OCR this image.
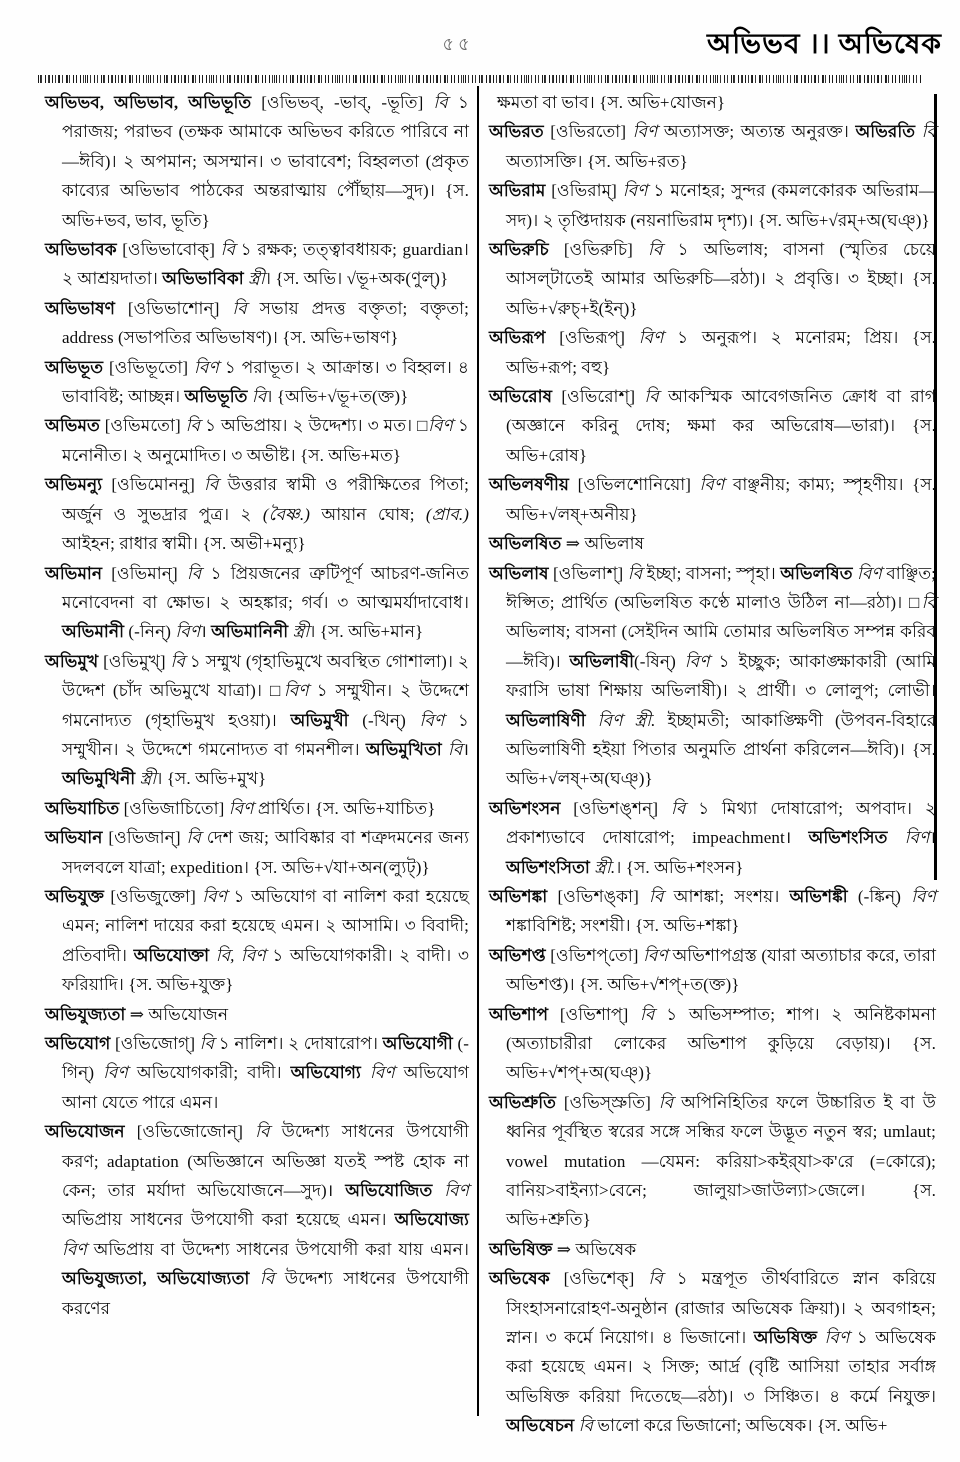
৫৫	অভিভব ।। অভিষেক
অভিভব, অভিভাব, অভিভূতি [ওভিভব্, -ভাব্, -ভূতি] বি ১ পরাজয়; পরাভব (তক্ষক আমাকে অভিভব করিতে পারিবে না—ঈবি)। ২ অপমান; অসম্মান। ৩ ভাবাবেশ; বিহ্বলতা (প্রকৃত কাব্যের অভিভাব পাঠকের অন্তরাত্মায় পৌঁছায়—সুদ)। {স. অভি+ভব, ভাব, ভূতি}
অভিভাবক [ওভিভাবোক্] বি ১ রক্ষক; তত্ত্বাবধায়ক; guardian। ২ আশ্রয়দাতা। অভিভাবিকা স্ত্রী। {স. অভি। √ভূ+অক(ণুল্)}
অভিভাষণ [ওভিভাশোন্] বি সভায় প্রদত্ত বক্তৃতা; বক্তৃতা; address (সভাপতির অভিভাষণ)। {স. অভি+ভাষণ}
অভিভূত [ওভিভূতো] বিণ ১ পরাভূত। ২ আক্রান্ত। ৩ বিহ্বল। ৪ ভাবাবিষ্ট; আচ্ছন্ন। অভিভূতি বি। {অভি+√ভূ+ত(ক্ত)}
অভিমত [ওভিমতো] বি ১ অভিপ্রায়। ২ উদ্দেশ্য। ৩ মত। □বিণ ১ মনোনীত। ২ অনুমোদিত। ৩ অভীষ্ট। {স. অভি+মত}
অভিমন্যু [ওভিমোননু] বি উত্তরার স্বামী ও পরীক্ষিতের পিতা; অর্জুন ও সুভদ্রার পুত্র। ২ (বৈষ্ণ.) আয়ান ঘোষ; (প্রাব.) আইহন; রাধার স্বামী। {স. অভী+মন্যু}
অভিমান [ওভিমান্] বি ১ প্রিয়জনের ত্রুটিপূর্ণ আচরণ-জনিত মনোবেদনা বা ক্ষোভ। ২ অহঙ্কার; গর্ব। ৩ আত্মমর্যাদাবোধ। অভিমানী (-নিন্) বিণ। অভিমানিনী স্ত্রী। {স. অভি+মান}
অভিমুখ [ওভিমুখ্] বি ১ সম্মুখ (গৃহাভিমুখে অবস্থিত গোশালা)। ২ উদ্দেশ (চাঁদ অভিমুখে যাত্রা)। □বিণ ১ সম্মুখীন। ২ উদ্দেশে গমনোদ্যত (গৃহাভিমুখ হওয়া)। অভিমুখী (-খিন্) বিণ ১ সম্মুখীন। ২ উদ্দেশে গমনোদ্যত বা গমনশীল। অভিমুখিতা বি। অভিমুখিনী স্ত্রী। {স. অভি+মুখ}
অভিযাচিত [ওভিজাচিতো] বিণ প্রার্থিত। {স. অভি+যাচিত}
অভিযান [ওভিজান্] বি দেশ জয়; আবিষ্কার বা শত্রুদমনের জন্য সদলবলে যাত্রা; expedition। {স. অভি+√যা+অন(ল্যুট্)}
অভিযুক্ত [ওভিজুক্তো] বিণ ১ অভিযোগ বা নালিশ করা হয়েছে এমন; নালিশ দায়ের করা হয়েছে এমন। ২ আসামি। ৩ বিবাদী; প্রতিবাদী। অভিযোক্তা বি, বিণ ১ অভিযোগকারী। ২ বাদী। ৩ ফরিয়াদি। {স. অভি+যুক্ত}
অভিযুজ্যতা ⇒ অভিযোজন
অভিযোগ [ওভিজোগ্] বি ১ নালিশ। ২ দোষারোপ। অভিযোগী (-গিন্) বিণ অভিযোগকারী; বাদী। অভিযোগ্য বিণ অভিযোগ আনা যেতে পারে এমন।
অভিযোজন [ওভিজোজোন্] বি উদ্দেশ্য সাধনের উপযোগী করণ; adaptation (অভিজ্ঞানে অভিজ্ঞা যতই স্পষ্ট হোক না কেন; তার মর্যাদা অভিযোজনে—সুদ)। অভিযোজিত বিণ অভিপ্রায় সাধনের উপযোগী করা হয়েছে এমন। অভিযোজ্য বিণ অভিপ্রায় বা উদ্দেশ্য সাধনের উপযোগী করা যায় এমন। অভিযুজ্যতা, অভিযোজ্যতা বি উদ্দেশ্য সাধনের উপযোগী করণের
ক্ষমতা বা ভাব। {স. অভি+যোজন}
অভিরত [ওভিরতো] বিণ অত্যাসক্ত; অত্যন্ত অনুরক্ত। অভিরতি বি অত্যাসক্তি। {স. অভি+রত}
অভিরাম [ওভিরাম্] বিণ ১ মনোহর; সুন্দর (কমলকোরক অভিরাম—সদ)। ২ তৃপ্তিদায়ক (নয়নাভিরাম দৃশ্য)। {স. অভি+√রম্+অ(ঘঞ্)}
অভিরুচি [ওভিরুচি] বি ১ অভিলাষ; বাসনা (স্মৃতির চেয়ে আসল্‌টাতেই আমার অভিরুচি—রঠা)। ২ প্রবৃত্তি। ৩ ইচ্ছা। {স. অভি+√রুচ্+ই(ইন্)}
অভিরূপ [ওভিরূপ্] বিণ ১ অনুরূপ। ২ মনোরম; প্রিয়। {স. অভি+রূপ; বহু}
অভিরোষ [ওভিরোশ্] বি আকস্মিক আবেগজনিত ক্রোধ বা রাগ (অজ্ঞানে করিনু দোষ; ক্ষমা কর অভিরোষ—ভারা)। {স. অভি+রোষ}
অভিলষণীয় [ওভিলশোনিয়ো] বিণ বাঞ্ছনীয়; কাম্য; স্পৃহণীয়। {স. অভি+√লষ্+অনীয়}
অভিলষিত ⇒ অভিলাষ
অভিলাষ [ওভিলাশ্] বি ইচ্ছা; বাসনা; স্পৃহা। অভিলষিত বিণ বাঞ্ছিত; ঈপ্সিত; প্রার্থিত (অভিলষিত কণ্ঠে মালাও উঠিল না—রঠা)। □বি অভিলাষ; বাসনা (সেইদিন আমি তোমার অভিলষিত সম্পন্ন করিব—ঈবি)। অভিলাষী(-ষিন্) বিণ ১ ইচ্ছুক; আকাঙ্ক্ষাকারী (আমি ফরাসি ভাষা শিক্ষায় অভিলাষী)। ২ প্রার্থী। ৩ লোলুপ; লোভী। অভিলাষিণী বিণ স্ত্রী. ইচ্ছামতী; আকাঙ্ক্ষিণী (উপবন-বিহারে অভিলাষিণী হইয়া পিতার অনুমতি প্রার্থনা করিলেন—ঈবি)। {স. অভি+√লষ্+অ(ঘঞ্)}
অভিশংসন [ওভিশঙ্‌শন্] বি ১ মিথ্যা দোষারোপ; অপবাদ। ২ প্রকাশ্যভাবে দোষারোপ; impeachment। অভিশংসিত বিণ। অভিশংসিতা স্ত্রী.। {স. অভি+শংসন}
অভিশঙ্কা [ওভিশঙ্‌কা] বি আশঙ্কা; সংশয়। অভিশঙ্কী (-ঙ্কিন্) বিণ শঙ্কাবিশিষ্ট; সংশয়ী। {স. অভি+শঙ্কা}
অভিশপ্ত [ওভিশপ্‌তো] বিণ অভিশাপগ্রস্ত (যারা অত্যাচার করে, তারা অভিশপ্ত)। {স. অভি+√শপ্+ত(ক্ত)}
অভিশাপ [ওভিশাপ্] বি ১ অভিসম্পাত; শাপ। ২ অনিষ্টকামনা (অত্যাচারীরা লোকের অভিশাপ কুড়িয়ে বেড়ায়)। {স. অভি+√শপ্+অ(ঘঞ্)}
অভিশ্রুতি [ওভিস্‌স্রুতি] বি অপিনিহিতির ফলে উচ্চারিত ই বা উ ধ্বনির পূর্বস্থিত স্বরের সঙ্গে সন্ধির ফলে উদ্ভূত নতুন স্বর; umlaut; vowel mutation —যেমন: করিয়া>কইর্‌যা>ক'রে (=কোরে); বানিয়>বাইন্যা>বেনে; জালুয়া>জাউল্যা>জেলে। {স. অভি+শ্রুতি}
অভিষিক্ত ⇒ অভিষেক
অভিষেক [ওভিশেক্] বি ১ মন্ত্রপূত তীর্থবারিতে স্নান করিয়ে সিংহাসনারোহণ-অনুষ্ঠান (রাজার অভিষেক ক্রিয়া)। ২ অবগাহন; স্নান। ৩ কর্মে নিয়োগ। ৪ ভিজানো। অভিষিক্ত বিণ ১ অভিষেক করা হয়েছে এমন। ২ সিক্ত; আর্দ্র (বৃষ্টি আসিয়া তাহার সর্বাঙ্গ অভিষিক্ত করিয়া দিতেছে—রঠা)। ৩ সিঞ্চিত। ৪ কর্মে নিযুক্ত। অভিষেচন বি ভালো করে ভিজানো; অভিষেক। {স. অভি+
